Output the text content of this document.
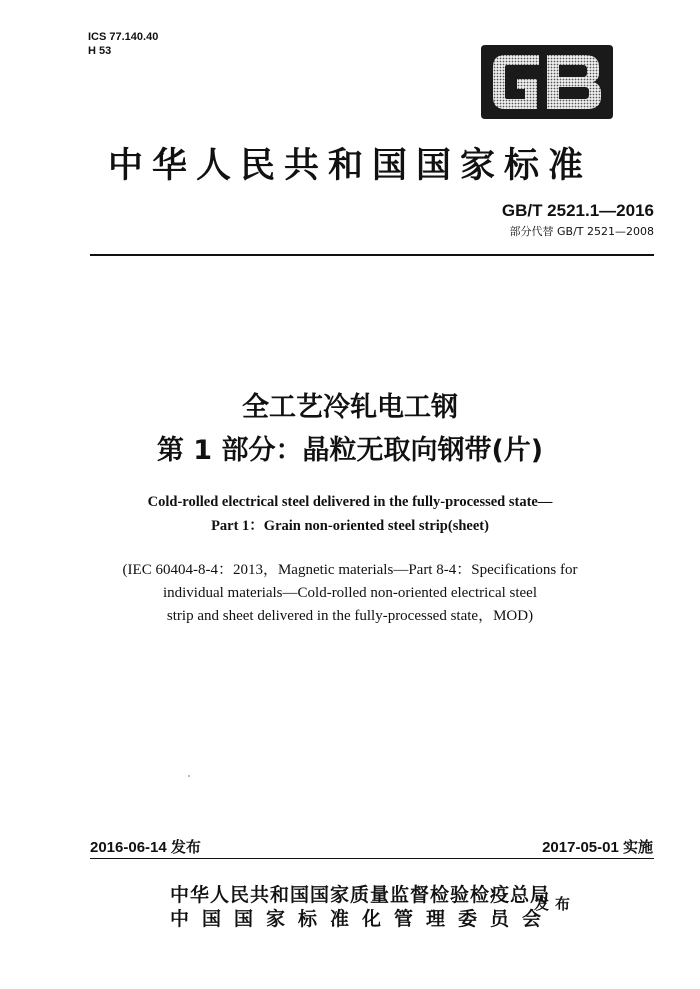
ICS 77.140.40
H 53
中华人民共和国国家标准
GB/T 2521.1—2016
部分代替 GB/T 2521—2008
全工艺冷轧电工钢
第 1 部分：晶粒无取向钢带(片)
Cold-rolled electrical steel delivered in the fully-processed state—
Part 1：Grain non-oriented steel strip(sheet)
(IEC 60404-8-4：2013，Magnetic materials—Part 8-4：Specifications for
individual materials—Cold-rolled non-oriented electrical steel
strip and sheet delivered in the fully-processed state，MOD)
2016-06-14 发布	2017-05-01 实施
中华人民共和国国家质量监督检验检疫总局
中国国家标准化管理委员会
发布
